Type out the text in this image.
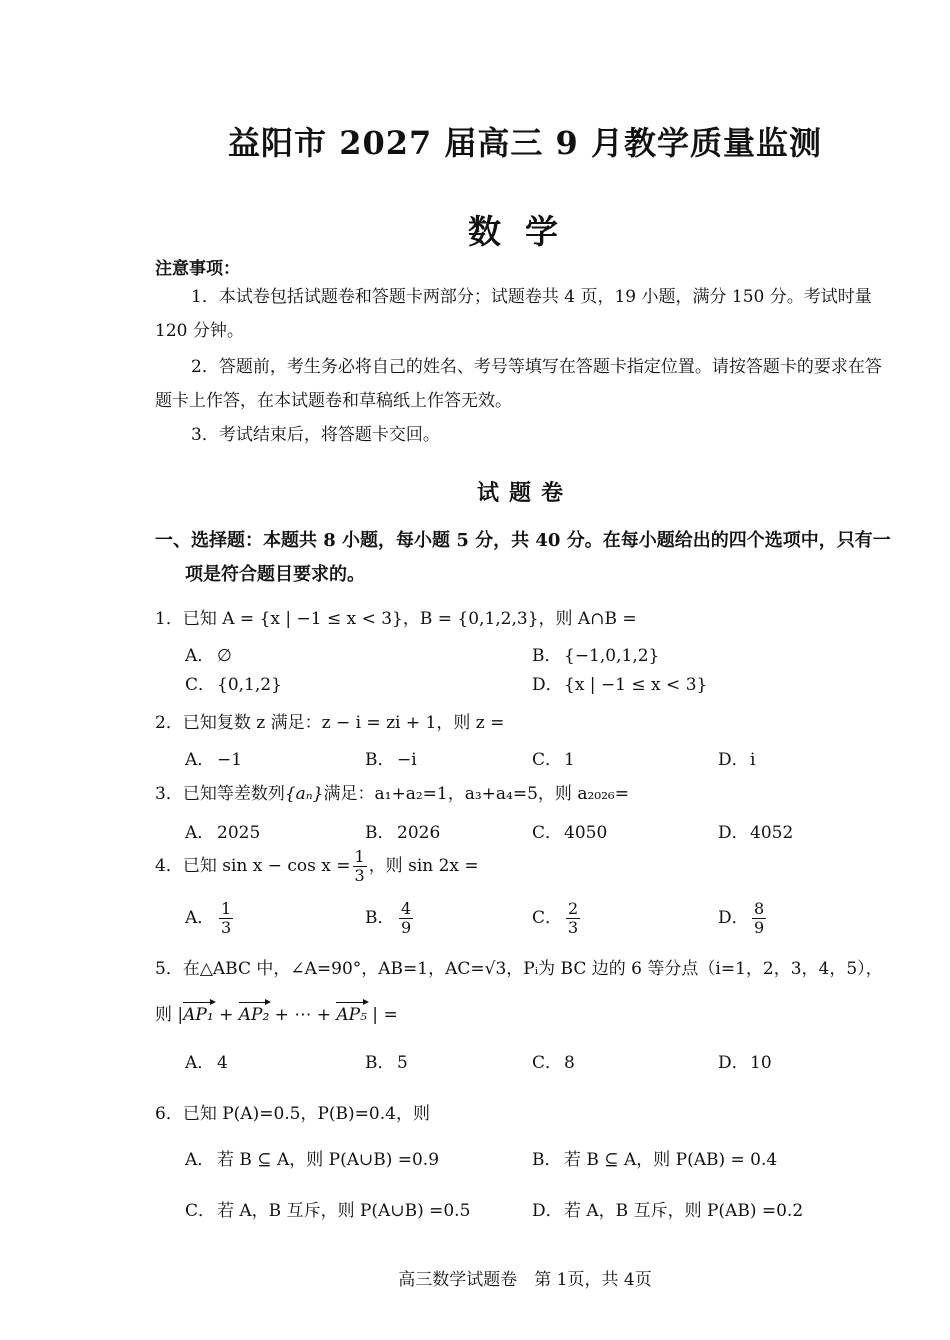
益阳市 2027 届高三 9 月教学质量监测
数学
注意事项：
1．本试卷包括试题卷和答题卡两部分；试题卷共 4 页，19 小题，满分 150 分。考试时量 120 分钟。
2．答题前，考生务必将自己的姓名、考号等填写在答题卡指定位置。请按答题卡的要求在答题卡上作答，在本试题卷和草稿纸上作答无效。
3．考试结束后，将答题卡交回。
试题卷
一、选择题：本题共 8 小题，每小题 5 分，共 40 分。在每小题给出的四个选项中，只有一
项是符合题目要求的。
1．已知 A = {x | −1 ≤ x < 3}，B = {0,1,2,3}，则 A∩B =
A． ∅	B． {−1,0,1,2}
C． {0,1,2}	D．{x | −1 ≤ x < 3}
2．已知复数 z 满足：z − i = zi + 1，则 z =
A． −1	B． −i	C． 1	D．i
3．已知等差数列{aₙ}满足：a₁+a₂=1，a₃+a₄=5，则 a₂₀₂₆=
A． 2025	B． 2026	C． 4050	D．4052
4．已知 $\sin x - \cos x = \frac{1}{3}$ ，则 sin 2x =
A． $\frac{1}{3}$	B． $\frac{4}{9}$	C． $\frac{2}{3}$	D． $\frac{8}{9}$
5．在△ABC 中，∠A=90°，AB=1，AC=√3，Pᵢ为 BC 边的 6 等分点（i=1，2，3，4，5），
则 |AP₁ + AP₂ + ⋯ + AP₅ | =
A． 4	B． 5	C． 8	D．10
6．已知 P(A)=0.5，P(B)=0.4，则
A． 若 B ⊆ A，则 P(A∪B) =0.9	B． 若 B ⊆ A，则 P(AB) = 0.4
C． 若 A，B 互斥，则 P(A∪B) =0.5	D．若 A，B 互斥，则 P(AB) =0.2
高三数学试题卷　第 1页，共 4页
